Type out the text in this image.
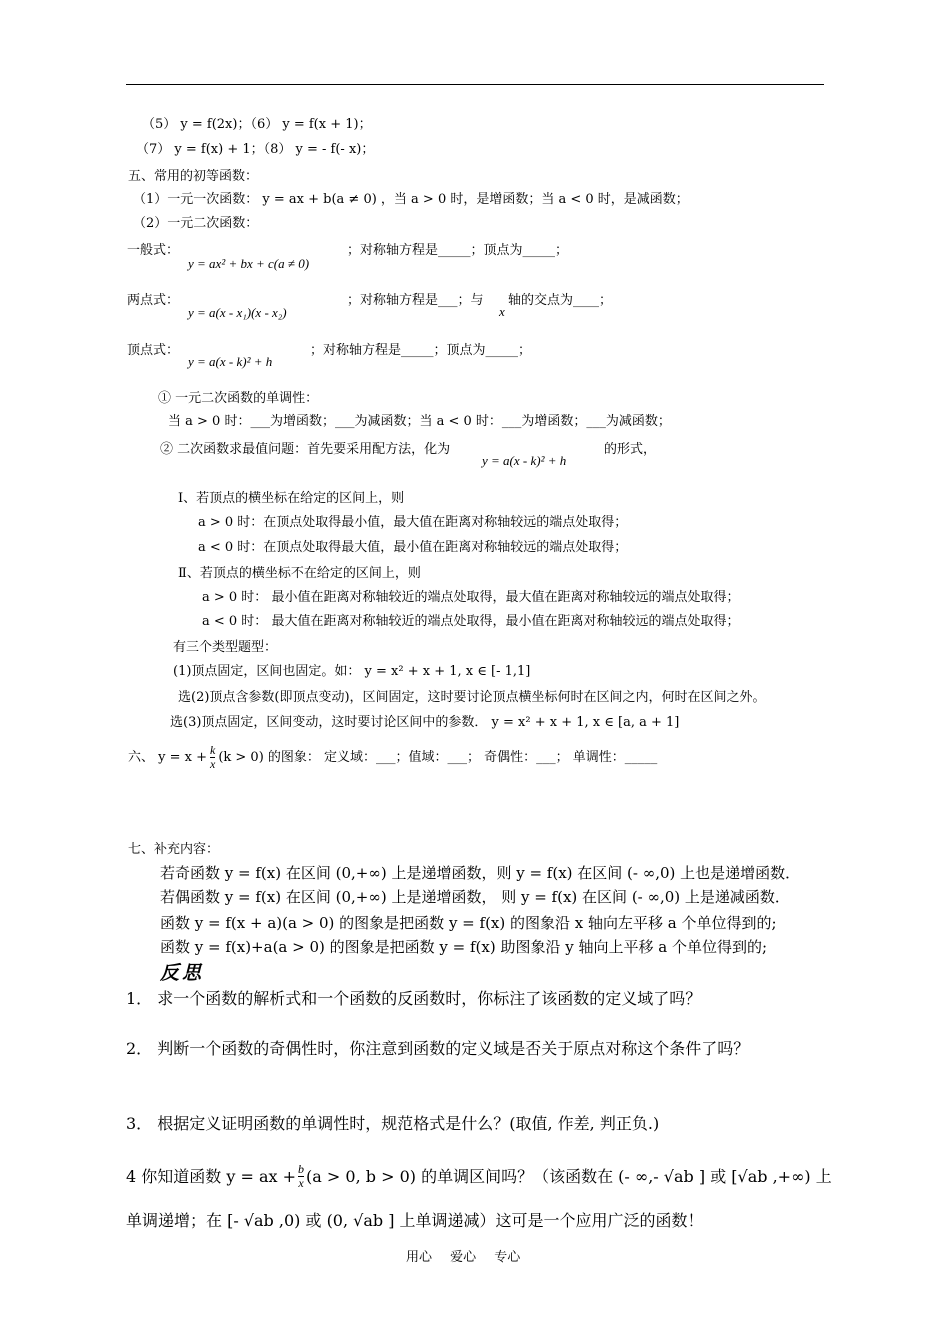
（5） y = f(2x)；（6） y = f(x + 1)；
（7） y = f(x) + 1；（8） y = - f(- x)；
五、常用的初等函数：
（1）一元一次函数： y = ax + b(a ≠ 0) ，当 a > 0 时，是增函数；当 a < 0 时，是减函数；
（2）一元二次函数：
一般式：
y = ax² + bx + c(a ≠ 0)
；对称轴方程是_____；顶点为_____；
两点式：
y = a(x - x₁)(x - x₂)
；对称轴方程是___；与
x
轴的交点为____；
顶点式：
y = a(x - k)² + h
；对称轴方程是_____；顶点为_____；
① 一元二次函数的单调性：
当 a > 0 时：___为增函数；___为减函数；当 a < 0 时：___为增函数；___为减函数；
② 二次函数求最值问题：首先要采用配方法，化为
y = a(x - k)² + h
的形式，
Ⅰ、若顶点的横坐标在给定的区间上，则
a > 0 时：在顶点处取得最小值，最大值在距离对称轴较远的端点处取得；
a < 0 时：在顶点处取得最大值，最小值在距离对称轴较远的端点处取得；
Ⅱ、若顶点的横坐标不在给定的区间上，则
a > 0 时： 最小值在距离对称轴较近的端点处取得，最大值在距离对称轴较远的端点处取得；
a < 0 时： 最大值在距离对称轴较近的端点处取得，最小值在距离对称轴较远的端点处取得；
有三个类型题型：
(1)顶点固定，区间也固定。如： y = x² + x + 1, x ∈ [- 1,1]
选(2)顶点含参数(即顶点变动)，区间固定，这时要讨论顶点横坐标何时在区间之内，何时在区间之外。
选(3)顶点固定，区间变动，这时要讨论区间中的参数． y = x² + x + 1, x ∈ [a, a + 1]
六、 $y = x + \frac{k}{x} (k > 0)$ 的图象： 定义域：___；值域：___； 奇偶性：___； 单调性：_____
七、补充内容：
若奇函数 y = f(x) 在区间 (0,+∞) 上是递增函数，则 y = f(x) 在区间 (- ∞,0) 上也是递增函数．
若偶函数 y = f(x) 在区间 (0,+∞) 上是递增函数， 则 y = f(x) 在区间 (- ∞,0) 上是递减函数．
函数 y = f(x + a)(a > 0) 的图象是把函数 y = f(x) 的图象沿 x 轴向左平移 a 个单位得到的;
函数 y = f(x)+a(a > 0) 的图象是把函数 y = f(x) 助图象沿 y 轴向上平移 a 个单位得到的;
反思
1． 求一个函数的解析式和一个函数的反函数时，你标注了该函数的定义域了吗？
2． 判断一个函数的奇偶性时，你注意到函数的定义域是否关于原点对称这个条件了吗？
3． 根据定义证明函数的单调性时，规范格式是什么？(取值, 作差, 判正负.)
4 你知道函数 y = ax + $\frac{b}{x} (a > 0$, b > 0) 的单调区间吗？（该函数在 (- ∞,- √ab ] 或 [√ab ,+∞) 上
单调递增；在 [- √ab ,0) 或 (0, √ab ] 上单调递减）这可是一个应用广泛的函数！
用心 爱心 专心
